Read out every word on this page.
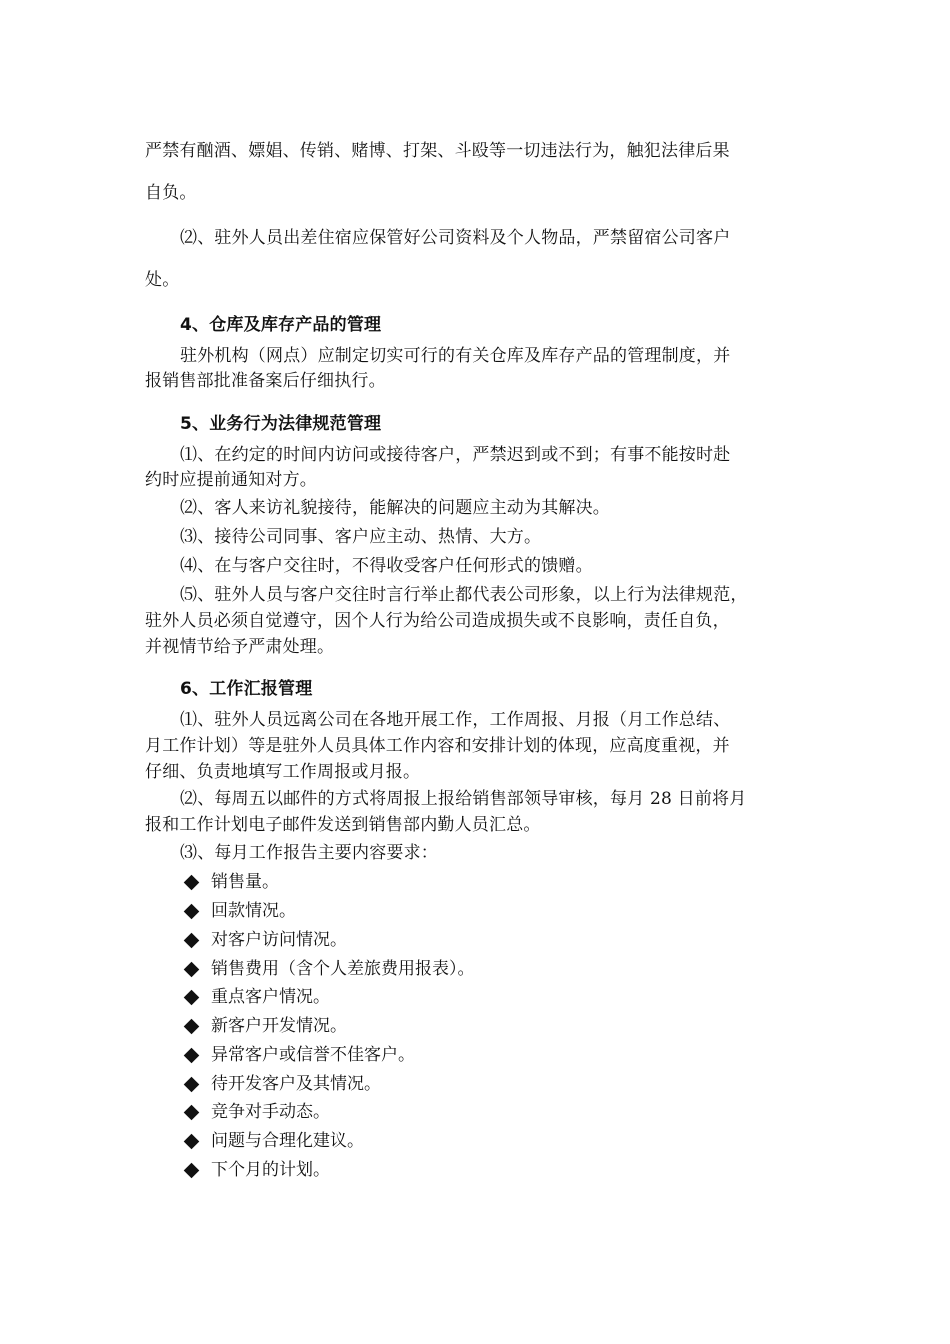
严禁有酗酒、嫖娼、传销、赌博、打架、斗殴等一切违法行为，触犯法律后果
自负。
⑵、驻外人员出差住宿应保管好公司资料及个人物品，严禁留宿公司客户
处。
4、仓库及库存产品的管理
驻外机构（网点）应制定切实可行的有关仓库及库存产品的管理制度，并
报销售部批准备案后仔细执行。
5、业务行为法律规范管理
⑴、在约定的时间内访问或接待客户，严禁迟到或不到；有事不能按时赴
约时应提前通知对方。
⑵、客人来访礼貌接待，能解决的问题应主动为其解决。
⑶、接待公司同事、客户应主动、热情、大方。
⑷、在与客户交往时，不得收受客户任何形式的馈赠。
⑸、驻外人员与客户交往时言行举止都代表公司形象，以上行为法律规范，
驻外人员必须自觉遵守，因个人行为给公司造成损失或不良影响，责任自负，
并视情节给予严肃处理。
6、工作汇报管理
⑴、驻外人员远离公司在各地开展工作，工作周报、月报（月工作总结、
月工作计划）等是驻外人员具体工作内容和安排计划的体现，应高度重视，并
仔细、负责地填写工作周报或月报。
⑵、每周五以邮件的方式将周报上报给销售部领导审核，每月 28 日前将月
报和工作计划电子邮件发送到销售部内勤人员汇总。
⑶、每月工作报告主要内容要求：
销售量。
回款情况。
对客户访问情况。
销售费用（含个人差旅费用报表）。
重点客户情况。
新客户开发情况。
异常客户或信誉不佳客户。
待开发客户及其情况。
竞争对手动态。
问题与合理化建议。
下个月的计划。
